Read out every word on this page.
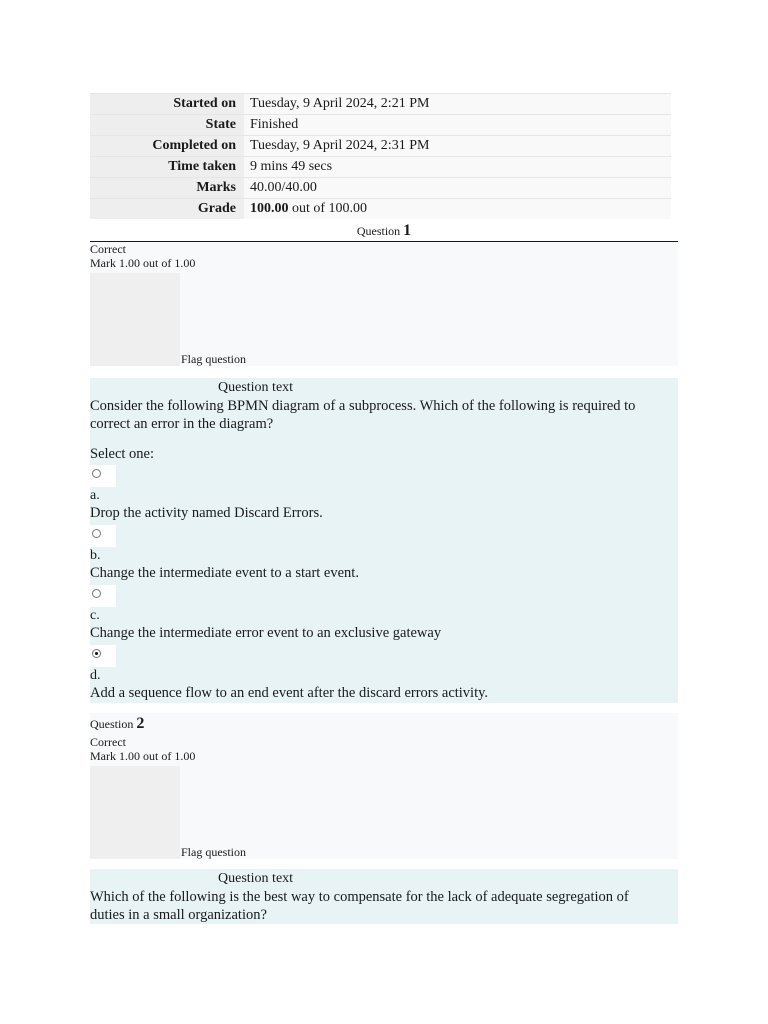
Started on	Tuesday, 9 April 2024, 2:21 PM
State	Finished
Completed on	Tuesday, 9 April 2024, 2:31 PM
Time taken	9 mins 49 secs
Marks	40.00/40.00
Grade	100.00 out of 100.00
Question 1
Correct
Mark 1.00 out of 1.00
Flag question
Question text
Consider the following BPMN diagram of a subprocess. Which of the following is required to correct an error in the diagram?
Select one:
a.
Drop the activity named Discard Errors.
b.
Change the intermediate event to a start event.
c.
Change the intermediate error event to an exclusive gateway
d.
Add a sequence flow to an end event after the discard errors activity.
Question 2
Correct
Mark 1.00 out of 1.00
Flag question
Question text
Which of the following is the best way to compensate for the lack of adequate segregation of duties in a small organization?
